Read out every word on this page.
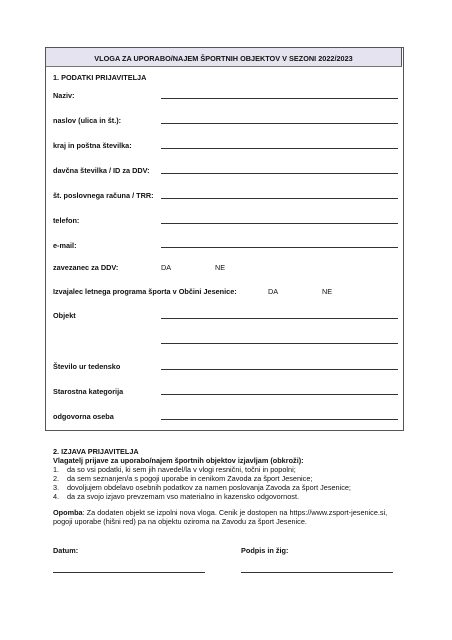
VLOGA ZA UPORABO/NAJEM ŠPORTNIH OBJEKTOV V SEZONI 2022/2023
1. PODATKI PRIJAVITELJA
Naziv:
naslov (ulica in št.):
kraj in poštna številka:
davčna številka / ID za DDV:
št. poslovnega računa / TRR:
telefon:
e-mail:
zavezanec za DDV:	DA	NE
Izvajalec letnega programa športa v Občini Jesenice:	DA	NE
Objekt
Število ur tedensko
Starostna kategorija
odgovorna oseba
2. IZJAVA PRIJAVITELJA
Vlagatelj prijave za uporabo/najem športnih objektov izjavljam (obkroži):
1. da so vsi podatki, ki sem jih navedel/la v vlogi resnični, točni in popolni;
2. da sem seznanjen/a s pogoji uporabe in cenikom Zavoda za šport Jesenice;
3. dovoljujem obdelavo osebnih podatkov za namen poslovanja Zavoda za šport Jesenice;
4. da za svojo izjavo prevzemam vso materialno in kazensko odgovornost.
Opomba: Za dodaten objekt se izpolni nova vloga. Cenik je dostopen na https://www.zsport-jesenice.si,
pogoji uporabe (hišni red) pa na objektu oziroma na Zavodu za šport Jesenice.
Datum:	Podpis in žig:
